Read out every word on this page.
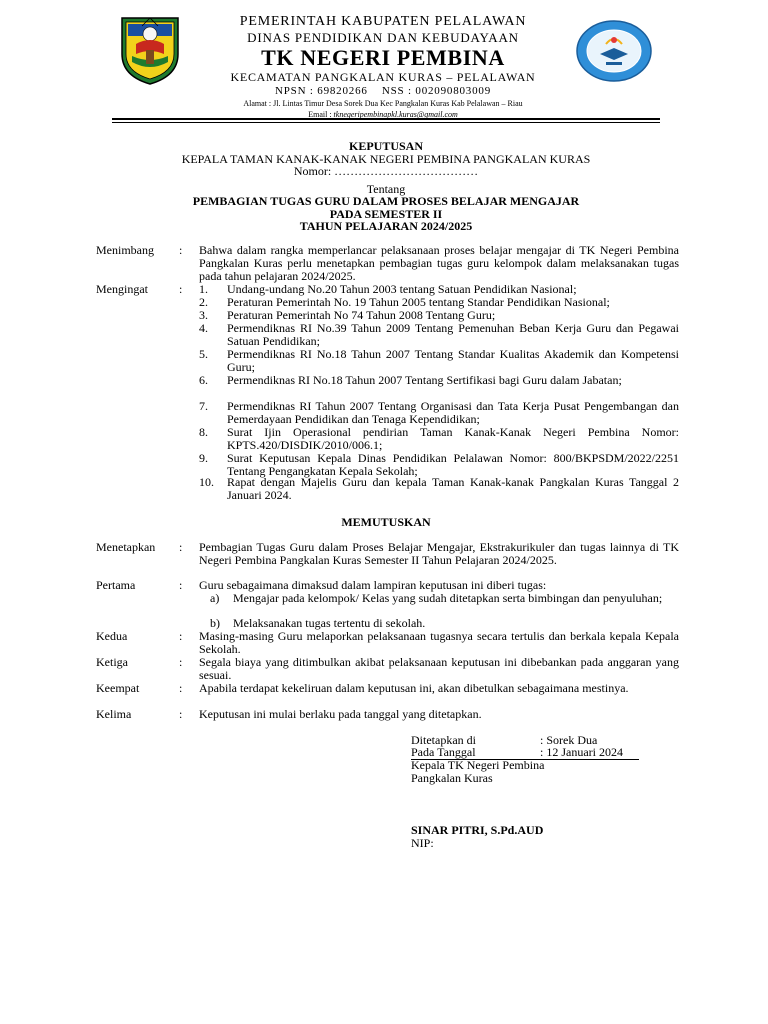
PEMERINTAH KABUPATEN PELALAWAN
DINAS PENDIDIKAN DAN KEBUDAYAAN
TK NEGERI PEMBINA
KECAMATAN PANGKALAN KURAS – PELALAWAN
NPSN : 69820266    NSS : 002090803009
Alamat : Jl. Lintas Timur Desa Sorek Dua Kec Pangkalan Kuras Kab Pelalawan – Riau
Email : tknegeripembinapkl.kuras@gmail.com
KEPUTUSAN
KEPALA TAMAN KANAK-KANAK NEGERI PEMBINA PANGKALAN KURAS
Nomor: ………………………………
Tentang
PEMBAGIAN TUGAS GURU DALAM PROSES BELAJAR MENGAJAR
PADA SEMESTER II
TAHUN PELAJARAN 2024/2025
Menimbang	: Bahwa dalam rangka memperlancar pelaksanaan proses belajar mengajar di TK Negeri Pembina Pangkalan Kuras perlu menetapkan pembagian tugas guru kelompok dalam melaksanakan tugas pada tahun pelajaran 2024/2025.
Mengingat	: 1.	Undang-undang No.20 Tahun 2003 tentang Satuan Pendidikan Nasional;
2.	Peraturan Pemerintah No. 19 Tahun 2005 tentang Standar Pendidikan Nasional;
3.	Peraturan Pemerintah No 74 Tahun 2008 Tentang Guru;
4.	Permendiknas RI No.39 Tahun 2009 Tentang Pemenuhan Beban Kerja Guru dan Pegawai Satuan Pendidikan;
5.	Permendiknas RI No.18 Tahun 2007 Tentang Standar Kualitas Akademik dan Kompetensi Guru;
6.	Permendiknas RI No.18 Tahun 2007 Tentang Sertifikasi bagi Guru dalam Jabatan;
7.	Permendiknas RI Tahun 2007 Tentang Organisasi dan Tata Kerja Pusat Pengembangan dan Pemerdayaan Pendidikan dan Tenaga Kependidikan;
8.	Surat Ijin Operasional pendirian Taman Kanak-Kanak Negeri Pembina Nomor: KPTS.420/DISDIK/2010/006.1;
9.	Surat Keputusan Kepala Dinas Pendidikan Pelalawan Nomor: 800/BKPSDM/2022/2251 Tentang Pengangkatan Kepala Sekolah;
10.	Rapat dengan Majelis Guru dan kepala Taman Kanak-kanak Pangkalan Kuras Tanggal 2 Januari 2024.
MEMUTUSKAN
Menetapkan	: Pembagian Tugas Guru dalam Proses Belajar Mengajar, Ekstrakurikuler dan tugas lainnya di TK Negeri Pembina Pangkalan Kuras Semester II Tahun Pelajaran 2024/2025.
Pertama	: Guru sebagaimana dimaksud dalam lampiran keputusan ini diberi tugas:
a)	Mengajar pada kelompok/ Kelas yang sudah ditetapkan serta bimbingan dan penyuluhan;
b)	Melaksanakan tugas tertentu di sekolah.
Kedua	: Masing-masing Guru melaporkan pelaksanaan tugasnya secara tertulis dan berkala kepala Kepala Sekolah.
Ketiga	: Segala biaya yang ditimbulkan akibat pelaksanaan keputusan ini dibebankan pada anggaran yang sesuai.
Keempat	: Apabila terdapat kekeliruan dalam keputusan ini, akan dibetulkan sebagaimana mestinya.
Kelima	: Keputusan ini mulai berlaku pada tanggal yang ditetapkan.
Ditetapkan di	: Sorek Dua
Pada Tanggal	: 12 Januari 2024
Kepala TK Negeri Pembina
Pangkalan Kuras
SINAR PITRI, S.Pd.AUD
NIP:
